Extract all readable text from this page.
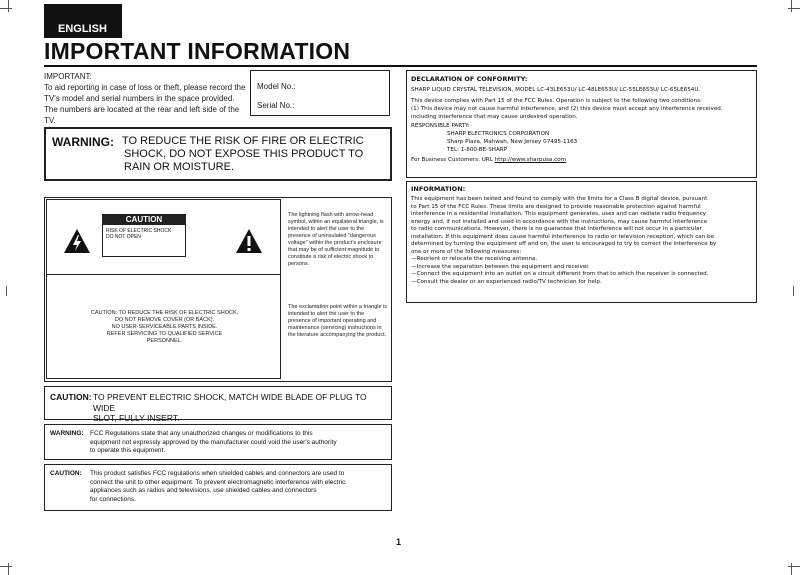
ENGLISH
IMPORTANT INFORMATION
IMPORTANT:
To aid reporting in case of loss or theft, please record the
TV's model and serial numbers in the space provided.
The numbers are located at the rear and left side of the TV.
Model No.:
Serial No.:
WARNING: TO REDUCE THE RISK OF FIRE OR ELECTRIC
SHOCK, DO NOT EXPOSE THIS PRODUCT TO
RAIN OR MOISTURE.
CAUTION
RISK OF ELECTRIC SHOCK
DO NOT OPEN
CAUTION: TO REDUCE THE RISK OF ELECTRIC SHOCK,
DO NOT REMOVE COVER (OR BACK).
NO USER-SERVICEABLE PARTS INSIDE.
REFER SERVICING TO QUALIFIED SERVICE
PERSONNEL.
The lightning flash with arrow-head symbol, within an equilateral triangle, is intended to alert the user to the presence of uninsulated "dangerous voltage" within the product's enclosure that may be of sufficient magnitude to constitute a risk of electric shock to persons.
The exclamation point within a triangle is intended to alert the user to the presence of important operating and maintenance (servicing) instructions in the literature accompanying the product.
CAUTION: TO PREVENT ELECTRIC SHOCK, MATCH WIDE BLADE OF PLUG TO WIDE
SLOT, FULLY INSERT.
WARNING: FCC Regulations state that any unauthorized changes or modifications to this
equipment not expressly approved by the manufacturer could void the user's authority
to operate this equipment.
CAUTION: This product satisfies FCC regulations when shielded cables and connectors are used to
connect the unit to other equipment. To prevent electromagnetic interference with electric
appliances such as radios and televisions, use shielded cables and connectors
for connections.
DECLARATION OF CONFORMITY:
SHARP LIQUID CRYSTAL TELEVISION, MODEL LC-43LE653U/ LC-48LE653U/ LC-55LE653U/ LC-65LE654U.
This device complies with Part 15 of the FCC Rules. Operation is subject to the following two conditions:
(1) This device may not cause harmful interference, and (2) this device must accept any interference received,
including interference that may cause undesired operation.
RESPONSIBLE PARTY:
SHARP ELECTRONICS CORPORATION
Sharp Plaza, Mahwah, New Jersey 07495-1163
TEL: 1-800-BE-SHARP
For Business Customers: URL http://www.sharpusa.com
INFORMATION:
This equipment has been tested and found to comply with the limits for a Class B digital device, pursuant
to Part 15 of the FCC Rules. These limits are designed to provide reasonable protection against harmful
interference in a residential installation. This equipment generates, uses and can radiate radio frequency
energy and, if not installed and used in accordance with the instructions, may cause harmful interference
to radio communications. However, there is no guarantee that interference will not occur in a particular
installation. If this equipment does cause harmful interference to radio or television reception, which can be
determined by turning the equipment off and on, the user is encouraged to try to correct the interference by
one or more of the following measures:
—Reorient or relocate the receiving antenna.
—Increase the separation between the equipment and receiver.
—Connect the equipment into an outlet on a circuit different from that to which the receiver is connected.
—Consult the dealer or an experienced radio/TV technician for help.
1
